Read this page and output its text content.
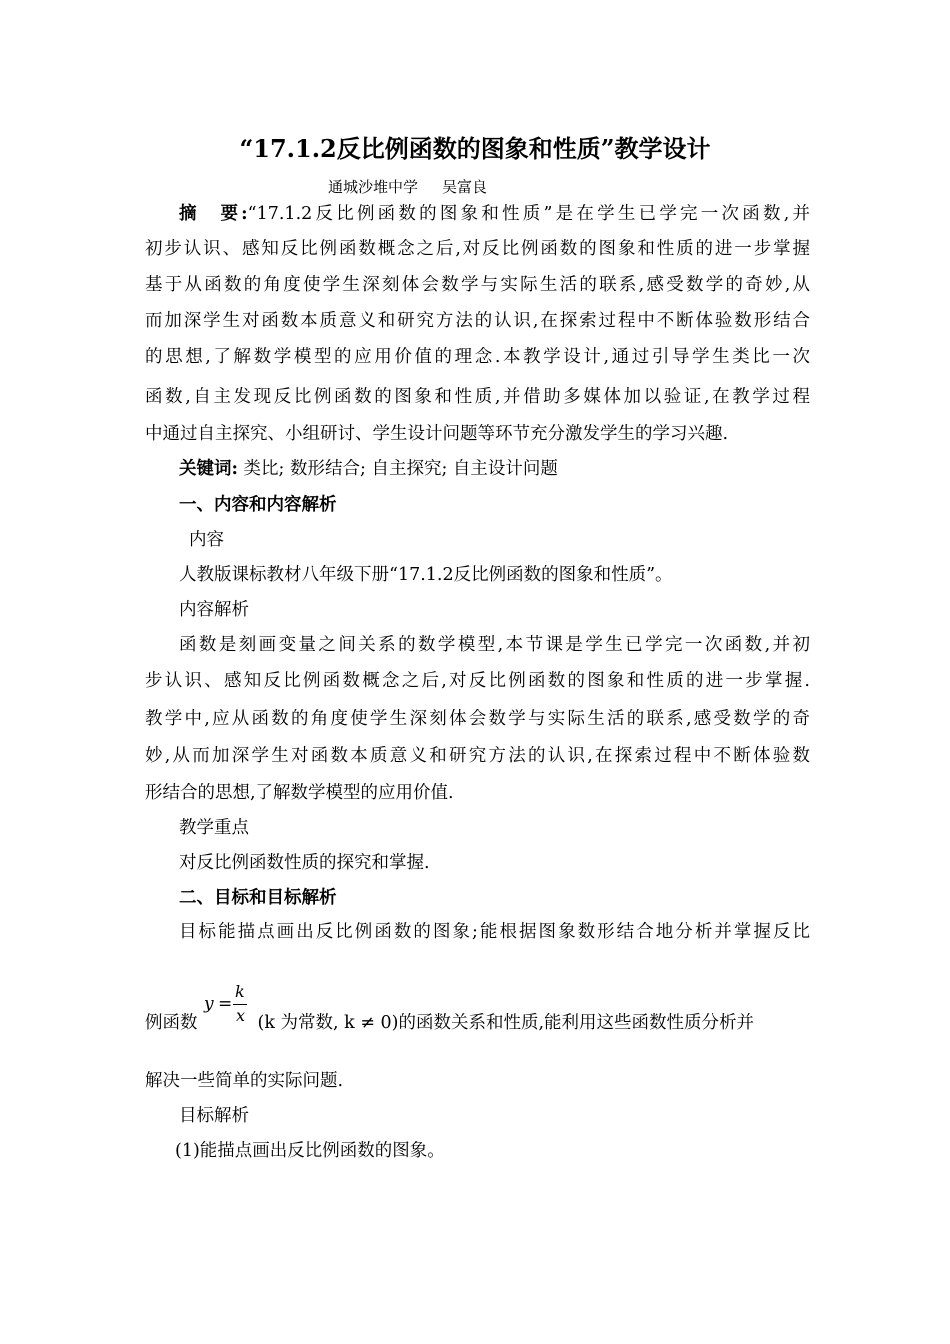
“17.1.2反比例函数的图象和性质”教学设计
通城沙堆中学 吴富良
摘　要:“17.1.2反比例函数的图象和性质”是在学生已学完一次函数,并
初步认识、感知反比例函数概念之后,对反比例函数的图象和性质的进一步掌握
基于从函数的角度使学生深刻体会数学与实际生活的联系,感受数学的奇妙,从
而加深学生对函数本质意义和研究方法的认识,在探索过程中不断体验数形结合
的思想,了解数学模型的应用价值的理念.本教学设计,通过引导学生类比一次
函数,自主发现反比例函数的图象和性质,并借助多媒体加以验证,在教学过程
中通过自主探究、小组研讨、学生设计问题等环节充分激发学生的学习兴趣.
关键词: 类比; 数形结合; 自主探究; 自主设计问题
一、内容和内容解析
内容
人教版课标教材八年级下册“17.1.2反比例函数的图象和性质”。
内容解析
函数是刻画变量之间关系的数学模型,本节课是学生已学完一次函数,并初
步认识、感知反比例函数概念之后,对反比例函数的图象和性质的进一步掌握.
教学中,应从函数的角度使学生深刻体会数学与实际生活的联系,感受数学的奇
妙,从而加深学生对函数本质意义和研究方法的认识,在探索过程中不断体验数
形结合的思想,了解数学模型的应用价值.
教学重点
对反比例函数性质的探究和掌握.
二、目标和目标解析
目标能描点画出反比例函数的图象;能根据图象数形结合地分析并掌握反比
例函数	(k 为常数, k ≠ 0)的函数关系和性质,能利用这些函数性质分析并
y =
k
x
解决一些简单的实际问题.
目标解析
(1)能描点画出反比例函数的图象。
